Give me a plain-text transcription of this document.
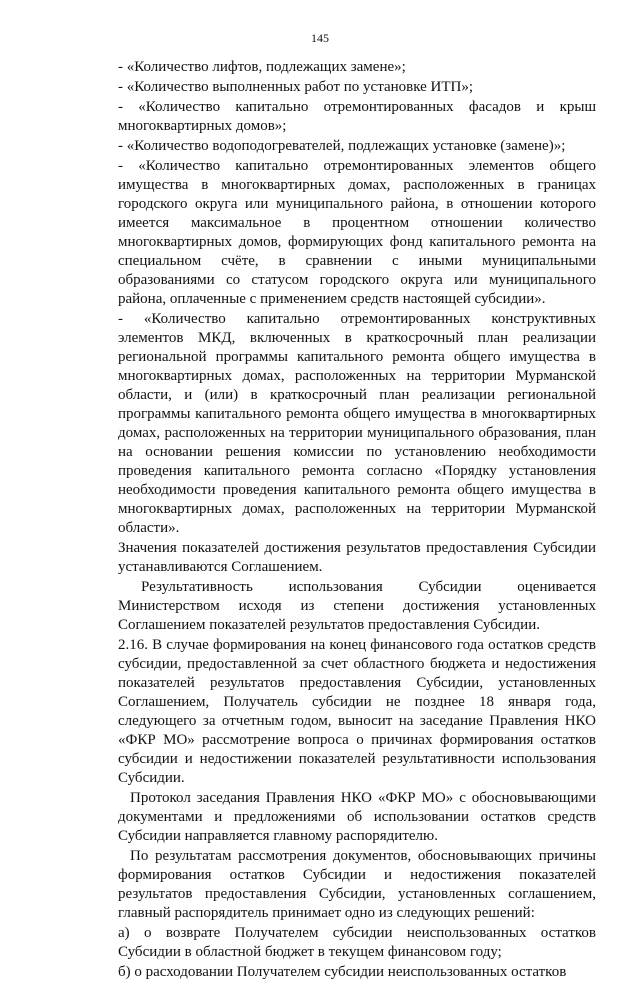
145

- «Количество лифтов, подлежащих замене»;

- «Количество выполненных работ по установке ИТП»;

- «Количество капитально отремонтированных фасадов и крыш многоквартирных домов»;

- «Количество водоподогревателей, подлежащих установке (замене)»;

- «Количество капитально отремонтированных элементов общего имущества в многоквартирных домах, расположенных в границах городского округа или муниципального района, в отношении которого имеется максимальное в процентном отношении количество многоквартирных домов, формирующих фонд капитального ремонта на специальном счёте, в сравнении с иными муниципальными образованиями со статусом городского округа или муниципального района, оплаченные с применением средств настоящей субсидии».

- «Количество капитально отремонтированных конструктивных элементов МКД, включенных в краткосрочный план реализации региональной программы капитального ремонта общего имущества в многоквартирных домах, расположенных на территории Мурманской области, и (или) в краткосрочный план реализации региональной программы капитального ремонта общего имущества в многоквартирных домах, расположенных на территории муниципального образования, план на основании решения комиссии по установлению необходимости проведения капитального ремонта согласно «Порядку установления необходимости проведения капитального ремонта общего имущества в многоквартирных домах, расположенных на территории Мурманской области».

Значения показателей достижения результатов предоставления Субсидии устанавливаются Соглашением.

Результативность использования Субсидии оценивается Министерством исходя из степени достижения установленных Соглашением показателей результатов предоставления Субсидии.

2.16. В случае формирования на конец финансового года остатков средств субсидии, предоставленной за счет областного бюджета и недостижения показателей результатов предоставления Субсидии, установленных Соглашением, Получатель субсидии не позднее 18 января года, следующего за отчетным годом, выносит на заседание Правления НКО «ФКР МО» рассмотрение вопроса о причинах формирования остатков субсидии и недостижении показателей результативности использования Субсидии.

Протокол заседания Правления НКО «ФКР МО» с обосновывающими документами и предложениями об использовании остатков средств Субсидии направляется главному распорядителю.

По результатам рассмотрения документов, обосновывающих причины формирования остатков Субсидии и недостижения показателей результатов предоставления Субсидии, установленных соглашением, главный распорядитель принимает одно из следующих решений:

а) о возврате Получателем субсидии неиспользованных остатков Субсидии в областной бюджет в текущем финансовом году;

б) о расходовании Получателем субсидии неиспользованных остатков
